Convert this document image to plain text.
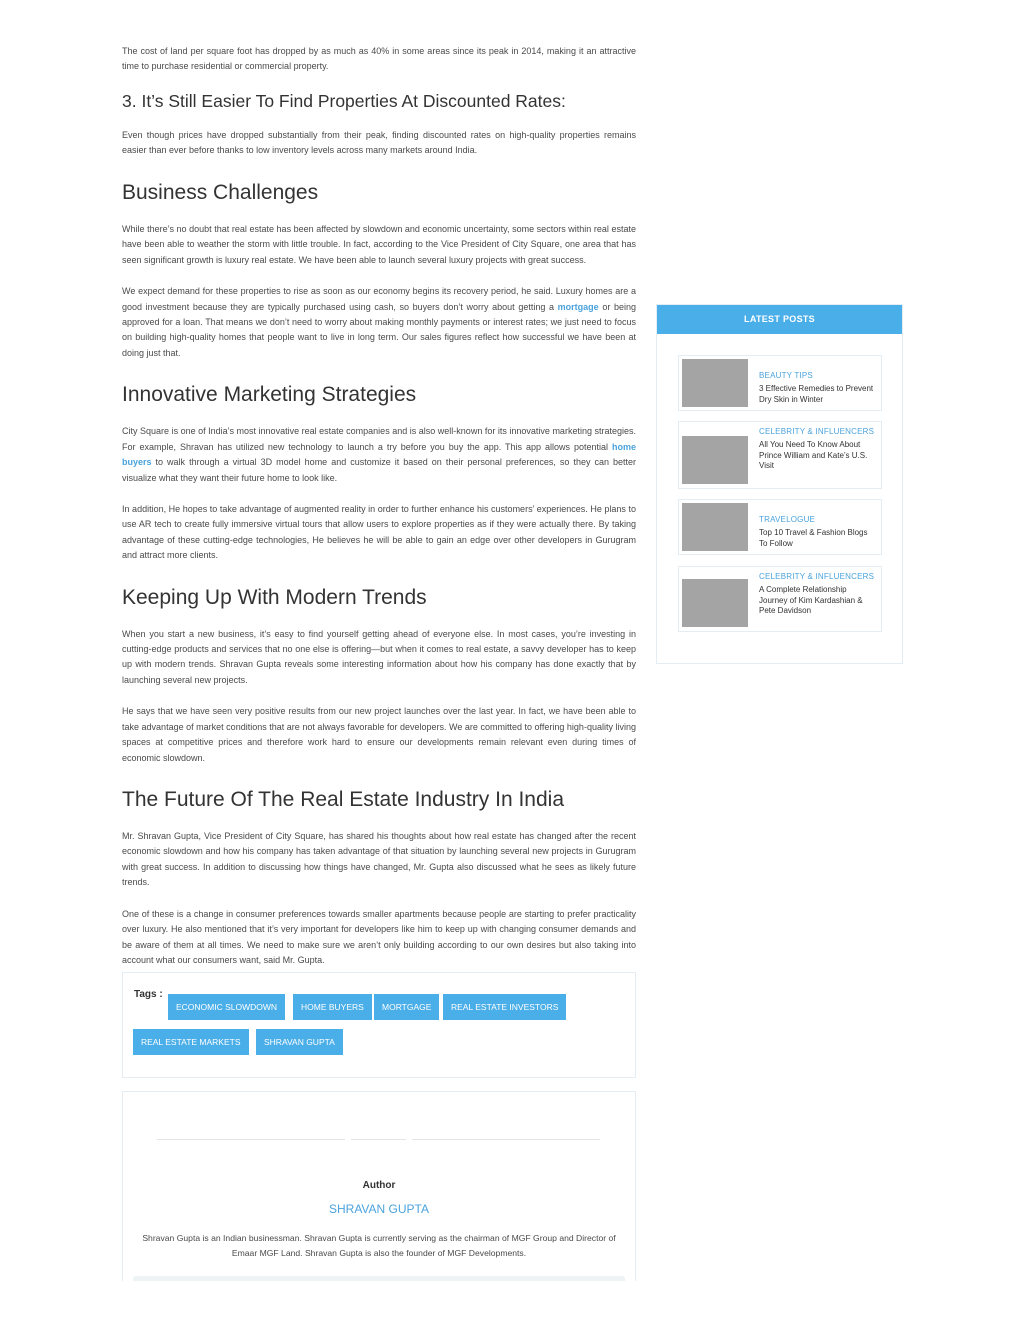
The cost of land per square foot has dropped by as much as 40% in some areas since its peak in 2014, making it an attractive time to purchase residential or commercial property.

3. It’s Still Easier To Find Properties At Discounted Rates:

Even though prices have dropped substantially from their peak, finding discounted rates on high-quality properties remains easier than ever before thanks to low inventory levels across many markets around India.

Business Challenges

While there’s no doubt that real estate has been affected by slowdown and economic uncertainty, some sectors within real estate have been able to weather the storm with little trouble. In fact, according to the Vice President of City Square, one area that has seen significant growth is luxury real estate. We have been able to launch several luxury projects with great success.

We expect demand for these properties to rise as soon as our economy begins its recovery period, he said. Luxury homes are a good investment because they are typically purchased using cash, so buyers don’t worry about getting a mortgage or being approved for a loan. That means we don’t need to worry about making monthly payments or interest rates; we just need to focus on building high-quality homes that people want to live in long term. Our sales figures reflect how successful we have been at doing just that.

Innovative Marketing Strategies

City Square is one of India’s most innovative real estate companies and is also well-known for its innovative marketing strategies. For example, Shravan has utilized new technology to launch a try before you buy the app. This app allows potential home buyers to walk through a virtual 3D model home and customize it based on their personal preferences, so they can better visualize what they want their future home to look like.

In addition, He hopes to take advantage of augmented reality in order to further enhance his customers’ experiences. He plans to use AR tech to create fully immersive virtual tours that allow users to explore properties as if they were actually there. By taking advantage of these cutting-edge technologies, He believes he will be able to gain an edge over other developers in Gurugram and attract more clients.

Keeping Up With Modern Trends

When you start a new business, it’s easy to find yourself getting ahead of everyone else. In most cases, you’re investing in cutting-edge products and services that no one else is offering—but when it comes to real estate, a savvy developer has to keep up with modern trends. Shravan Gupta reveals some interesting information about how his company has done exactly that by launching several new projects.

He says that we have seen very positive results from our new project launches over the last year. In fact, we have been able to take advantage of market conditions that are not always favorable for developers. We are committed to offering high-quality living spaces at competitive prices and therefore work hard to ensure our developments remain relevant even during times of economic slowdown.

The Future Of The Real Estate Industry In India

Mr. Shravan Gupta, Vice President of City Square, has shared his thoughts about how real estate has changed after the recent economic slowdown and how his company has taken advantage of that situation by launching several new projects in Gurugram with great success. In addition to discussing how things have changed, Mr. Gupta also discussed what he sees as likely future trends.

One of these is a change in consumer preferences towards smaller apartments because people are starting to prefer practicality over luxury. He also mentioned that it’s very important for developers like him to keep up with changing consumer demands and be aware of them at all times. We need to make sure we aren’t only building according to our own desires but also taking into account what our consumers want, said Mr. Gupta.

Tags :
ECONOMIC SLOWDOWN	HOME BUYERS	MORTGAGE	REAL ESTATE INVESTORS
REAL ESTATE MARKETS	SHRAVAN GUPTA
Author
SHRAVAN GUPTA
Shravan Gupta is an Indian businessman. Shravan Gupta is currently serving as the chairman of MGF Group and Director of Emaar MGF Land. Shravan Gupta is also the founder of MGF Developments.
LATEST POSTS
BEAUTY TIPS
3 Effective Remedies to Prevent Dry Skin in Winter
CELEBRITY & INFLUENCERS
All You Need To Know About Prince William and Kate’s U.S. Visit
TRAVELOGUE
Top 10 Travel & Fashion Blogs To Follow
CELEBRITY & INFLUENCERS
A Complete Relationship Journey of Kim Kardashian & Pete Davidson
